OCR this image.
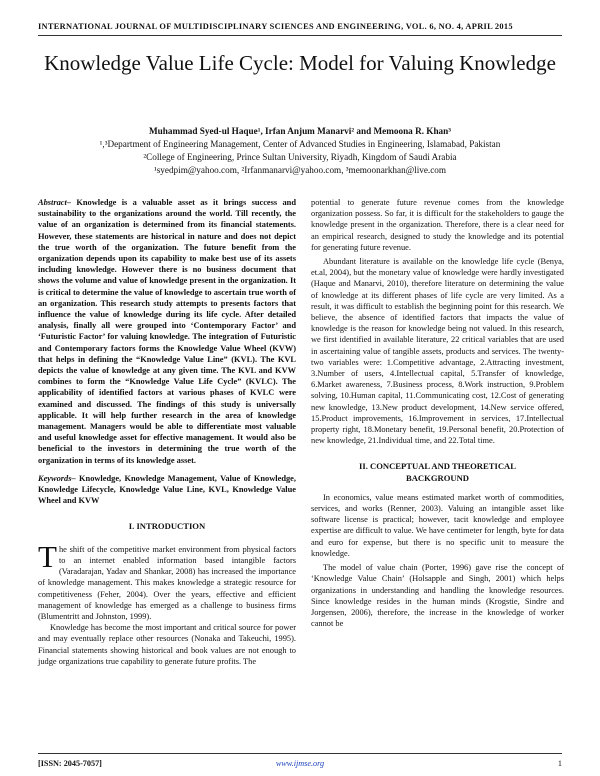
INTERNATIONAL JOURNAL OF MULTIDISCIPLINARY SCIENCES AND ENGINEERING, VOL. 6, NO. 4, APRIL 2015
Knowledge Value Life Cycle: Model for Valuing Knowledge
Muhammad Syed-ul Haque¹, Irfan Anjum Manarvi² and Memoona R. Khan³
¹,³Department of Engineering Management, Center of Advanced Studies in Engineering, Islamabad, Pakistan
²College of Engineering, Prince Sultan University, Riyadh, Kingdom of Saudi Arabia
¹syedpim@yahoo.com, ²Irfanmanarvi@yahoo.com, ³memoonarkhan@live.com

Abstract– Knowledge is a valuable asset as it brings success and sustainability to the organizations around the world. Till recently, the value of an organization is determined from its financial statements. However, these statements are historical in nature and does not depict the true worth of the organization. The future benefit from the organization depends upon its capability to make best use of its assets including knowledge. However there is no business document that shows the volume and value of knowledge present in the organization. It is critical to determine the value of knowledge to ascertain true worth of an organization. This research study attempts to presents factors that influence the value of knowledge during its life cycle. After detailed analysis, finally all were grouped into ‘Contemporary Factor’ and ‘Futuristic Factor’ for valuing knowledge. The integration of Futuristic and Contemporary factors forms the Knowledge Value Wheel (KVW) that helps in defining the “Knowledge Value Line” (KVL). The KVL depicts the value of knowledge at any given time. The KVL and KVW combines to form the “Knowledge Value Life Cycle” (KVLC). The applicability of identified factors at various phases of KVLC were examined and discussed. The findings of this study is universally applicable. It will help further research in the area of knowledge management. Managers would be able to differentiate most valuable and useful knowledge asset for effective management. It would also be beneficial to the investors in determining the true worth of the organization in terms of its knowledge asset.

Keywords– Knowledge, Knowledge Management, Value of Knowledge, Knowledge Lifecycle, Knowledge Value Line, KVL, Knowledge Value Wheel and KVW

I. INTRODUCTION

The shift of the competitive market environment from physical factors to an internet enabled information based intangible factors (Varadarajan, Yadav and Shankar, 2008) has increased the importance of knowledge management. This makes knowledge a strategic resource for competitiveness (Feher, 2004). Over the years, effective and efficient management of knowledge has emerged as a challenge to business firms (Blumentritt and Johnston, 1999).

Knowledge has become the most important and critical source for power and may eventually replace other resources (Nonaka and Takeuchi, 1995). Financial statements showing historical and book values are not enough to judge organizations true capability to generate future profits. The

potential to generate future revenue comes from the knowledge organization possess. So far, it is difficult for the stakeholders to gauge the knowledge present in the organization. Therefore, there is a clear need for an empirical research, designed to study the knowledge and its potential for generating future revenue.

Abundant literature is available on the knowledge life cycle (Benya, et.al, 2004), but the monetary value of knowledge were hardly investigated (Haque and Manarvi, 2010), therefore literature on determining the value of knowledge at its different phases of life cycle are very limited. As a result, it was difficult to establish the beginning point for this research. We believe, the absence of identified factors that impacts the value of knowledge is the reason for knowledge being not valued. In this research, we first identified in available literature, 22 critical variables that are used in ascertaining value of tangible assets, products and services. The twenty-two variables were: 1.Competitive advantage, 2.Attracting investment, 3.Number of users, 4.Intellectual capital, 5.Transfer of knowledge, 6.Market awareness, 7.Business process, 8.Work instruction, 9.Problem solving, 10.Human capital, 11.Communicating cost, 12.Cost of generating new knowledge, 13.New product development, 14.New service offered, 15.Product improvements, 16.Improvement in services, 17.Intellectual property right, 18.Monetary benefit, 19.Personal benefit, 20.Protection of new knowledge, 21.Individual time, and 22.Total time.

II. CONCEPTUAL AND THEORETICAL

BACKGROUND

In economics, value means estimated market worth of commodities, services, and works (Renner, 2003). Valuing an intangible asset like software license is practical; however, tacit knowledge and employee expertise are difficult to value. We have centimeter for length, byte for data and euro for expense, but there is no specific unit to measure the knowledge.

The model of value chain (Porter, 1996) gave rise the concept of ‘Knowledge Value Chain’ (Holsapple and Singh, 2001) which helps organizations in understanding and handling the knowledge resources. Since knowledge resides in the human minds (Krogstie, Sindre and Jorgensen, 2006), therefore, the increase in the knowledge of worker cannot be

[ISSN: 2045-7057]	www.ijmse.org	1
